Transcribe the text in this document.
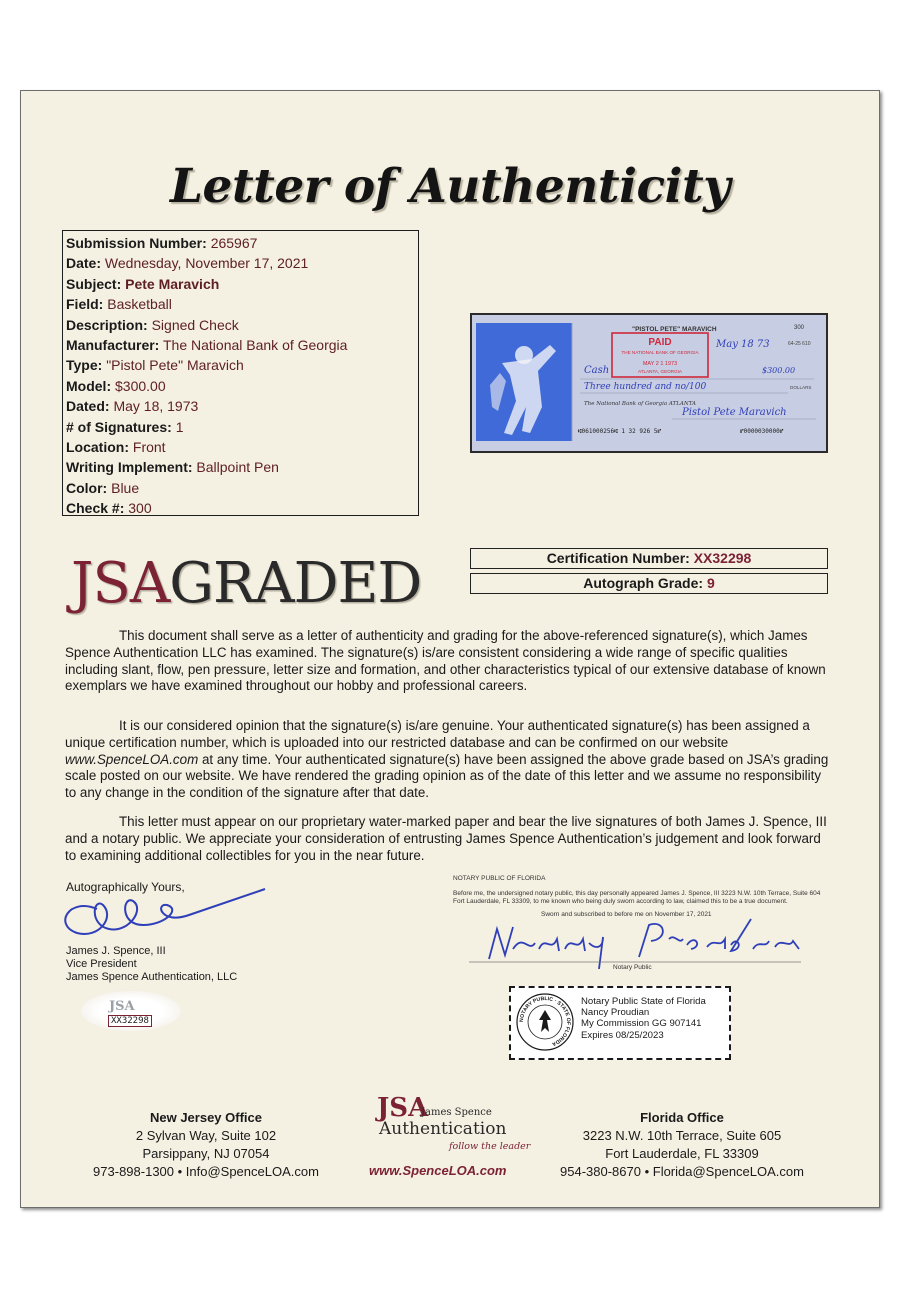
Letter of Authenticity
Submission Number: 265967
Date: Wednesday, November 17, 2021
Subject: Pete Maravich
Field: Basketball
Description: Signed Check
Manufacturer: The National Bank of Georgia
Type: "Pistol Pete" Maravich
Model: $300.00
Dated: May 18, 1973
# of Signatures: 1
Location: Front
Writing Implement: Ballpoint Pen
Color: Blue
Check #: 300
"PISTOL PETE" MARAVICH	300
64-25 610
PAID
THE NATIONAL BANK OF GEORGIA
MAY 2 1 1973
ATLANTA, GEORGIA
May 18 73
Cash	$300.00
Three hundred and no/100	DOLLARS
The National Bank of Georgia ATLANTA
Pistol Pete Maravich
⑆061000256⑆ 1 32 926 5⑈	⑈0000030000⑈
JSAGRADED	Certification Number: XX32298
Autograph Grade: 9

This document shall serve as a letter of authenticity and grading for the above-referenced signature(s), which James Spence Authentication LLC has examined. The signature(s) is/are consistent considering a wide range of specific qualities including slant, flow, pen pressure, letter size and formation, and other characteristics typical of our extensive database of known exemplars we have examined throughout our hobby and professional careers.

It is our considered opinion that the signature(s) is/are genuine. Your authenticated signature(s) has been assigned a unique certification number, which is uploaded into our restricted database and can be confirmed on our website www.SpenceLOA.com at any time. Your authenticated signature(s) have been assigned the above grade based on JSA’s grading scale posted on our website. We have rendered the grading opinion as of the date of this letter and we assume no responsibility to any change in the condition of the signature after that date.

This letter must appear on our proprietary water-marked paper and bear the live signatures of both James J. Spence, III and a notary public. We appreciate your consideration of entrusting James Spence Authentication’s judgement and look forward to examining additional collectibles for you in the near future.

Autographically Yours,
James J. Spence, III
Vice President
James Spence Authentication, LLC
JSA
XX32298
NOTARY PUBLIC OF FLORIDA
Before me, the undersigned notary public, this day personally appeared James J. Spence, III 3223 N.W. 10th Terrace, Suite 604 Fort Lauderdale, FL 33309, to me known who being duly sworn according to law, claimed this to be a true document.
Sworn and subscribed to before me on November 17, 2021
Notary Public
NOTARY PUBLIC · STATE OF FLORIDA
Notary Public State of Florida
Nancy Proudian
My Commission GG 907141
Expires 08/25/2023
New Jersey Office
2 Sylvan Way, Suite 102
Parsippany, NJ 07054
973-898-1300 • Info@SpenceLOA.com
JSA
James Spence
Authentication
follow the leader
www.SpenceLOA.com
Florida Office
3223 N.W. 10th Terrace, Suite 605
Fort Lauderdale, FL 33309
954-380-8670 • Florida@SpenceLOA.com
